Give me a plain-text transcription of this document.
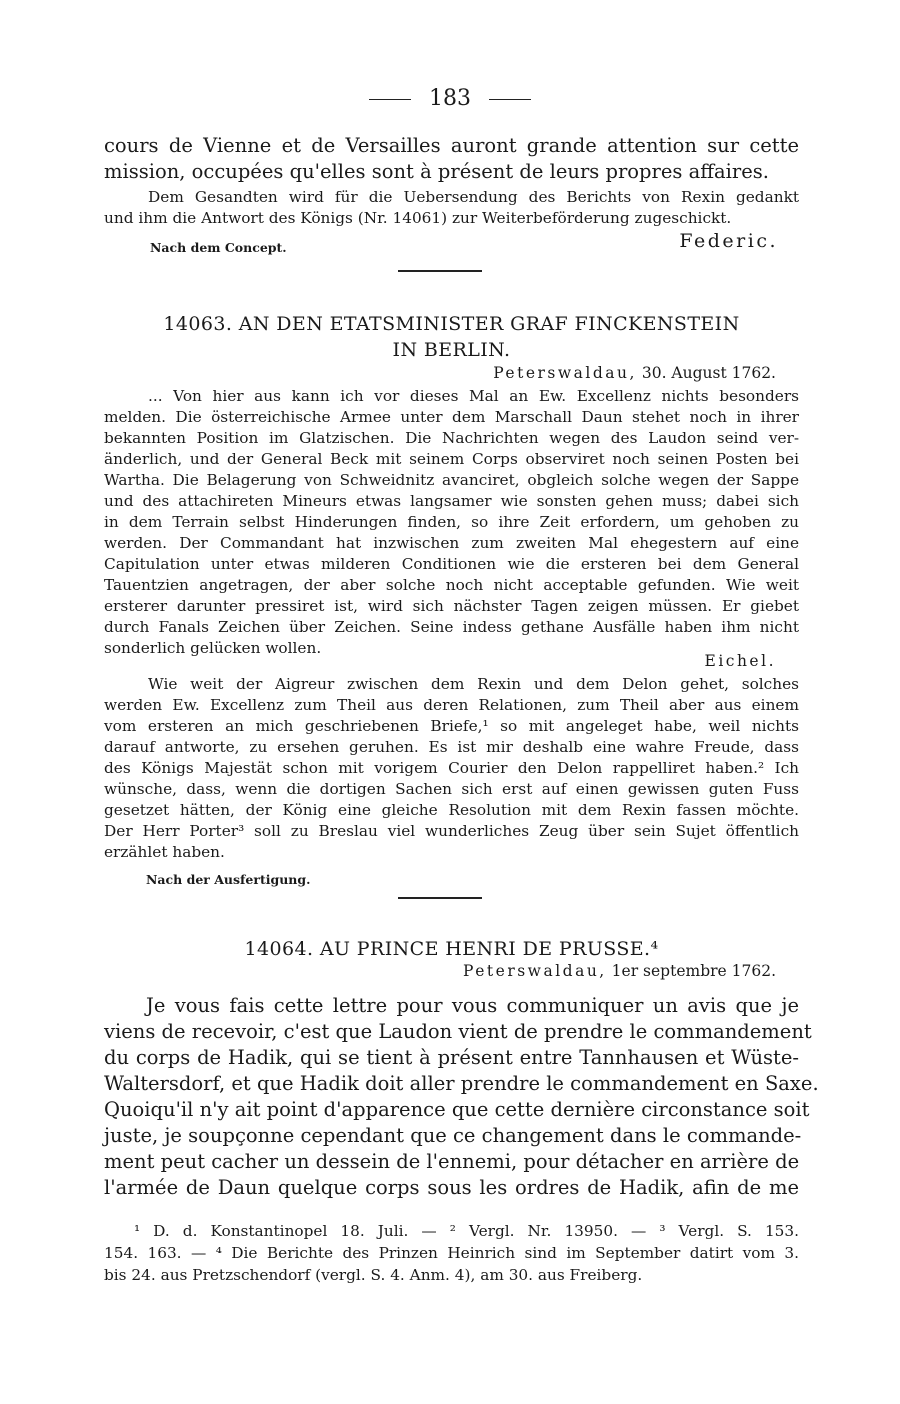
183
cours de Vienne et de Versailles auront grande attention sur cette
mission, occupées qu'elles sont à présent de leurs propres affaires.
Dem Gesandten wird für die Uebersendung des Berichts von Rexin gedankt
und ihm die Antwort des Königs (Nr. 14061) zur Weiterbeförderung zugeschickt.
Nach dem Concept.	Federic.
14063. AN DEN ETATSMINISTER GRAF FINCKENSTEIN
IN BERLIN.
Peterswaldau, 30. August 1762.
... Von hier aus kann ich vor dieses Mal an Ew. Excellenz nichts besonders
melden. Die österreichische Armee unter dem Marschall Daun stehet noch in ihrer
bekannten Position im Glatzischen. Die Nachrichten wegen des Laudon seind ver-
änderlich, und der General Beck mit seinem Corps observiret noch seinen Posten bei
Wartha. Die Belagerung von Schweidnitz avanciret, obgleich solche wegen der Sappe
und des attachireten Mineurs etwas langsamer wie sonsten gehen muss; dabei sich
in dem Terrain selbst Hinderungen finden, so ihre Zeit erfordern, um gehoben zu
werden. Der Commandant hat inzwischen zum zweiten Mal ehegestern auf eine
Capitulation unter etwas milderen Conditionen wie die ersteren bei dem General
Tauentzien angetragen, der aber solche noch nicht acceptable gefunden. Wie weit
ersterer darunter pressiret ist, wird sich nächster Tagen zeigen müssen. Er giebet
durch Fanals Zeichen über Zeichen. Seine indess gethane Ausfälle haben ihm nicht
sonderlich gelücken wollen.
Eichel.
Wie weit der Aigreur zwischen dem Rexin und dem Delon gehet, solches
werden Ew. Excellenz zum Theil aus deren Relationen, zum Theil aber aus einem
vom ersteren an mich geschriebenen Briefe,¹ so mit angeleget habe, weil nichts
darauf antworte, zu ersehen geruhen. Es ist mir deshalb eine wahre Freude, dass
des Königs Majestät schon mit vorigem Courier den Delon rappelliret haben.² Ich
wünsche, dass, wenn die dortigen Sachen sich erst auf einen gewissen guten Fuss
gesetzet hätten, der König eine gleiche Resolution mit dem Rexin fassen möchte.
Der Herr Porter³ soll zu Breslau viel wunderliches Zeug über sein Sujet öffentlich
erzählet haben.
Nach der Ausfertigung.
14064. AU PRINCE HENRI DE PRUSSE.⁴
Peterswaldau, 1er septembre 1762.
Je vous fais cette lettre pour vous communiquer un avis que je
viens de recevoir, c'est que Laudon vient de prendre le commandement
du corps de Hadik, qui se tient à présent entre Tannhausen et Wüste-
Waltersdorf, et que Hadik doit aller prendre le commandement en Saxe.
Quoiqu'il n'y ait point d'apparence que cette dernière circonstance soit
juste, je soupçonne cependant que ce changement dans le commande-
ment peut cacher un dessein de l'ennemi, pour détacher en arrière de
l'armée de Daun quelque corps sous les ordres de Hadik, afin de me
¹ D. d. Konstantinopel 18. Juli. — ² Vergl. Nr. 13950. — ³ Vergl. S. 153.
154. 163. — ⁴ Die Berichte des Prinzen Heinrich sind im September datirt vom 3.
bis 24. aus Pretzschendorf (vergl. S. 4. Anm. 4), am 30. aus Freiberg.
